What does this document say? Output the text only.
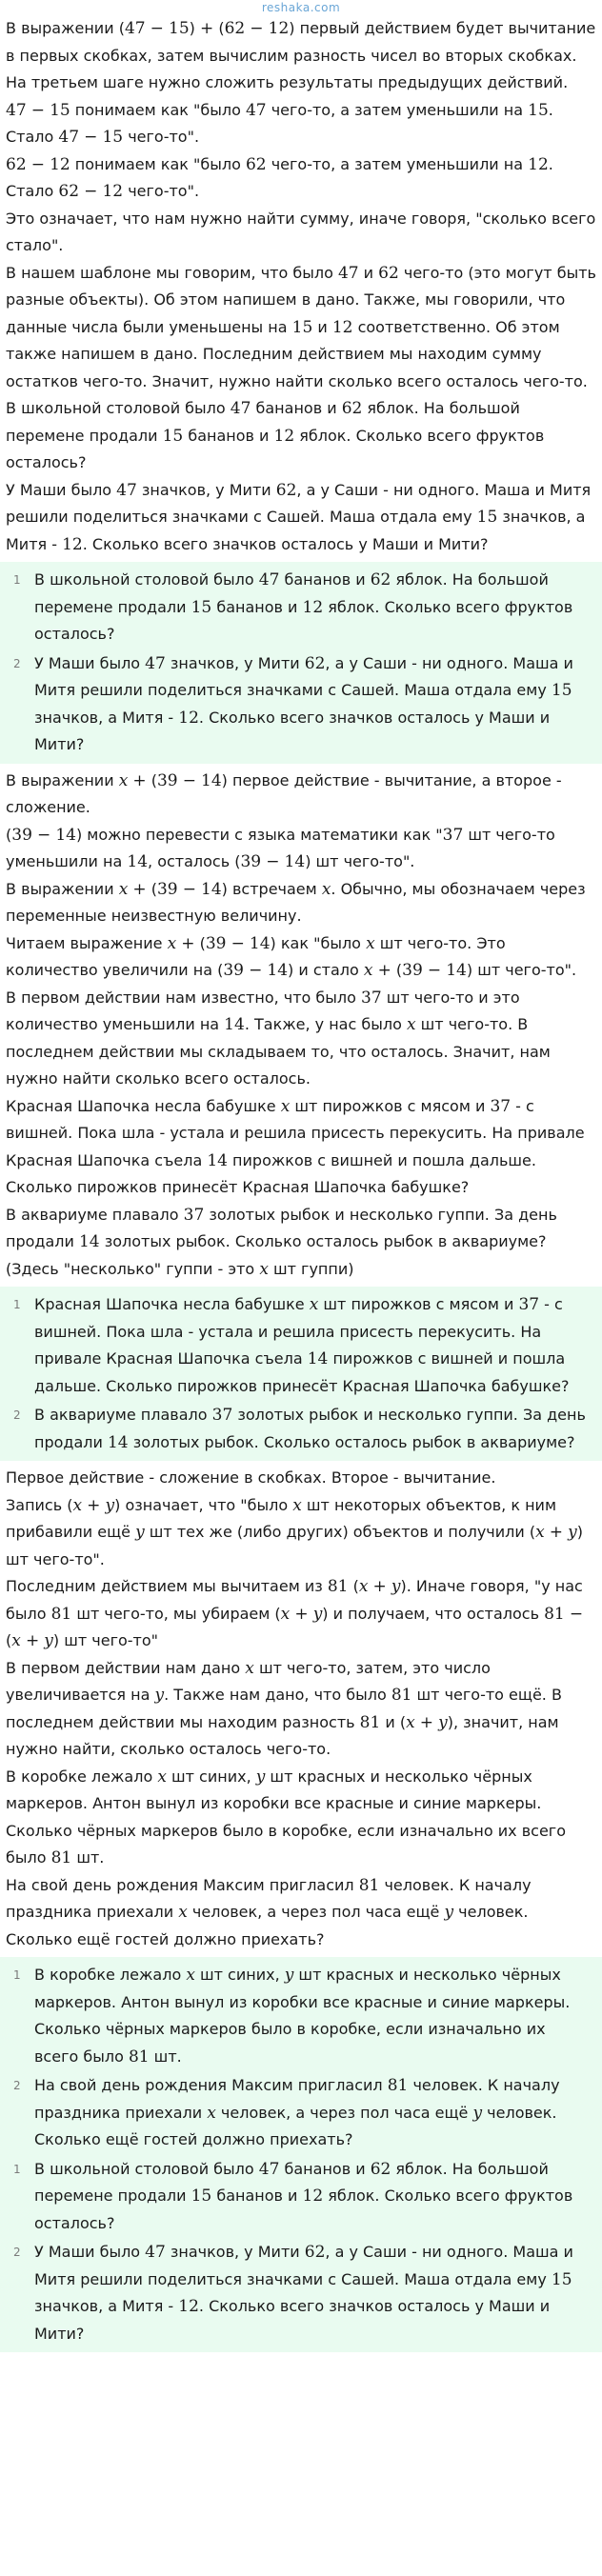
reshaka.com

В выражении (47 − 15) + (62 − 12) первый действием будет вычитание в первых скобках, затем вычислим разность чисел во вторых скобках. На третьем шаге нужно сложить результаты предыдущих действий.

47 − 15 понимаем как "было 47 чего-то, а затем уменьшили на 15. Стало 47 − 15 чего-то".

62 − 12 понимаем как "было 62 чего-то, а затем уменьшили на 12. Стало 62 − 12 чего-то".

Это означает, что нам нужно найти сумму, иначе говоря, "сколько всего стало".

В нашем шаблоне мы говорим, что было 47 и 62 чего-то (это могут быть разные объекты). Об этом напишем в дано. Также, мы говорили, что данные числа были уменьшены на 15 и 12 соответственно. Об этом также напишем в дано. Последним действием мы находим сумму остатков чего-то. Значит, нужно найти сколько всего осталось чего-то.

В школьной столовой было 47 бананов и 62 яблок. На большой перемене продали 15 бананов и 12 яблок. Сколько всего фруктов осталось?

У Маши было 47 значков, у Мити 62, а у Саши - ни одного. Маша и Митя решили поделиться значками с Сашей. Маша отдала ему 15 значков, а Митя - 12. Сколько всего значков осталось у Маши и Мити?

1 В школьной столовой было 47 бананов и 62 яблок. На большой перемене продали 15 бананов и 12 яблок. Сколько всего фруктов осталось?
2 У Маши было 47 значков, у Мити 62, а у Саши - ни одного. Маша и Митя решили поделиться значками с Сашей. Маша отдала ему 15 значков, а Митя - 12. Сколько всего значков осталось у Маши и Мити?

В выражении x + (39 − 14) первое действие - вычитание, а второе - сложение.

(39 − 14) можно перевести с языка математики как "37 шт чего-то уменьшили на 14, осталось (39 − 14) шт чего-то".

В выражении x + (39 − 14) встречаем x. Обычно, мы обозначаем через переменные неизвестную величину.

Читаем выражение x + (39 − 14) как "было x шт чего-то. Это количество увеличили на (39 − 14) и стало x + (39 − 14) шт чего-то".

В первом действии нам известно, что было 37 шт чего-то и это количество уменьшили на 14. Также, у нас было x шт чего-то. В последнем действии мы складываем то, что осталось. Значит, нам нужно найти сколько всего осталось.

Красная Шапочка несла бабушке x шт пирожков с мясом и 37 - с вишней. Пока шла - устала и решила присесть перекусить. На привале Красная Шапочка съела 14 пирожков с вишней и пошла дальше. Сколько пирожков принесёт Красная Шапочка бабушке?

В аквариуме плавало 37 золотых рыбок и несколько гуппи. За день продали 14 золотых рыбок. Сколько осталось рыбок в аквариуме? (Здесь "несколько" гуппи - это x шт гуппи)

1 Красная Шапочка несла бабушке x шт пирожков с мясом и 37 - с вишней. Пока шла - устала и решила присесть перекусить. На привале Красная Шапочка съела 14 пирожков с вишней и пошла дальше. Сколько пирожков принесёт Красная Шапочка бабушке?
2 В аквариуме плавало 37 золотых рыбок и несколько гуппи. За день продали 14 золотых рыбок. Сколько осталось рыбок в аквариуме?

Первое действие - сложение в скобках. Второе - вычитание.

Запись (x + y) означает, что "было x шт некоторых объектов, к ним прибавили ещё y шт тех же (либо других) объектов и получили (x + y) шт чего-то".

Последним действием мы вычитаем из 81 (x + y). Иначе говоря, "у нас было 81 шт чего-то, мы убираем (x + y) и получаем, что осталось 81 − (x + y) шт чего-то"

В первом действии нам дано x шт чего-то, затем, это число увеличивается на y. Также нам дано, что было 81 шт чего-то ещё. В последнем действии мы находим разность 81 и (x + y), значит, нам нужно найти, сколько осталось чего-то.

В коробке лежало x шт синих, y шт красных и несколько чёрных маркеров. Антон вынул из коробки все красные и синие маркеры. Сколько чёрных маркеров было в коробке, если изначально их всего было 81 шт.

На свой день рождения Максим пригласил 81 человек. К началу праздника приехали x человек, а через пол часа ещё y человек. Сколько ещё гостей должно приехать?

1 В коробке лежало x шт синих, y шт красных и несколько чёрных маркеров. Антон вынул из коробки все красные и синие маркеры. Сколько чёрных маркеров было в коробке, если изначально их всего было 81 шт.
2 На свой день рождения Максим пригласил 81 человек. К началу праздника приехали x человек, а через пол часа ещё y человек. Сколько ещё гостей должно приехать?
1 В школьной столовой было 47 бананов и 62 яблок. На большой перемене продали 15 бананов и 12 яблок. Сколько всего фруктов осталось?
2 У Маши было 47 значков, у Мити 62, а у Саши - ни одного. Маша и Митя решили поделиться значками с Сашей. Маша отдала ему 15 значков, а Митя - 12. Сколько всего значков осталось у Маши и Мити?
